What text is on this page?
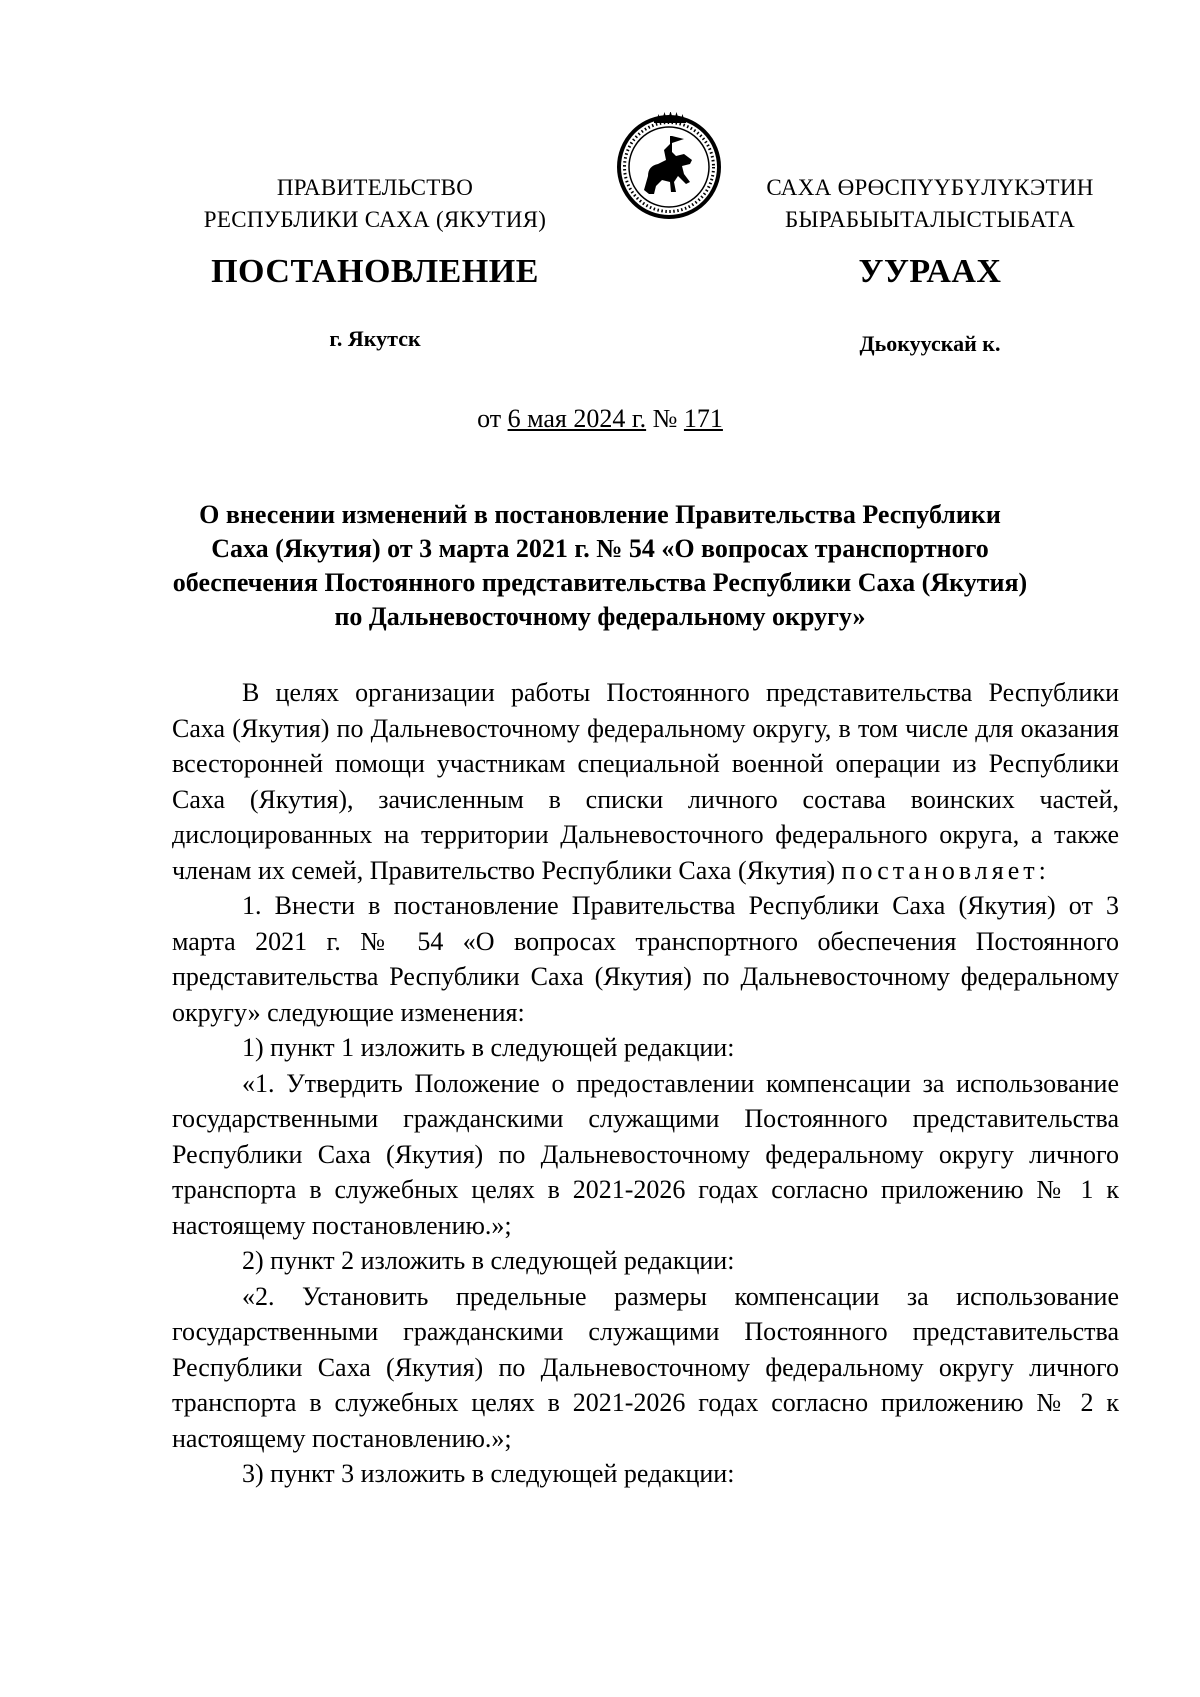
ПРАВИТЕЛЬСТВО
РЕСПУБЛИКИ САХА (ЯКУТИЯ)
САХА ӨРӨСПҮҮБҮЛҮКЭТИН
БЫРАБЫЫТАЛЫСТЫБАТА
ПОСТАНОВЛЕНИЕ	УУРААХ
г. Якутск	Дьокуускай к.
от 6 мая 2024 г. № 171
О внесении изменений в постановление Правительства Республики
Саха (Якутия) от 3 марта 2021 г. № 54 «О вопросах транспортного
обеспечения Постоянного представительства Республики Саха (Якутия)
по Дальневосточному федеральному округу»

В целях организации работы Постоянного представительства Республики Саха (Якутия) по Дальневосточному федеральному округу, в том числе для оказания всесторонней помощи участникам специальной военной операции из Республики Саха (Якутия), зачисленным в списки личного состава воинских частей, дислоцированных на территории Дальневосточного федерального округа, а также членам их семей, Правительство Республики Саха (Якутия) постановляет:

1. Внести в постановление Правительства Республики Саха (Якутия) от 3 марта 2021 г. № 54 «О вопросах транспортного обеспечения Постоянного представительства Республики Саха (Якутия) по Дальневосточному федеральному округу» следующие изменения:

1) пункт 1 изложить в следующей редакции:

«1. Утвердить Положение о предоставлении компенсации за использование государственными гражданскими служащими Постоянного представительства Республики Саха (Якутия) по Дальневосточному федеральному округу личного транспорта в служебных целях в 2021-2026 годах согласно приложению № 1 к настоящему постановлению.»;

2) пункт 2 изложить в следующей редакции:

«2. Установить предельные размеры компенсации за использование государственными гражданскими служащими Постоянного представительства Республики Саха (Якутия) по Дальневосточному федеральному округу личного транспорта в служебных целях в 2021-2026 годах согласно приложению № 2 к настоящему постановлению.»;

3) пункт 3 изложить в следующей редакции:
